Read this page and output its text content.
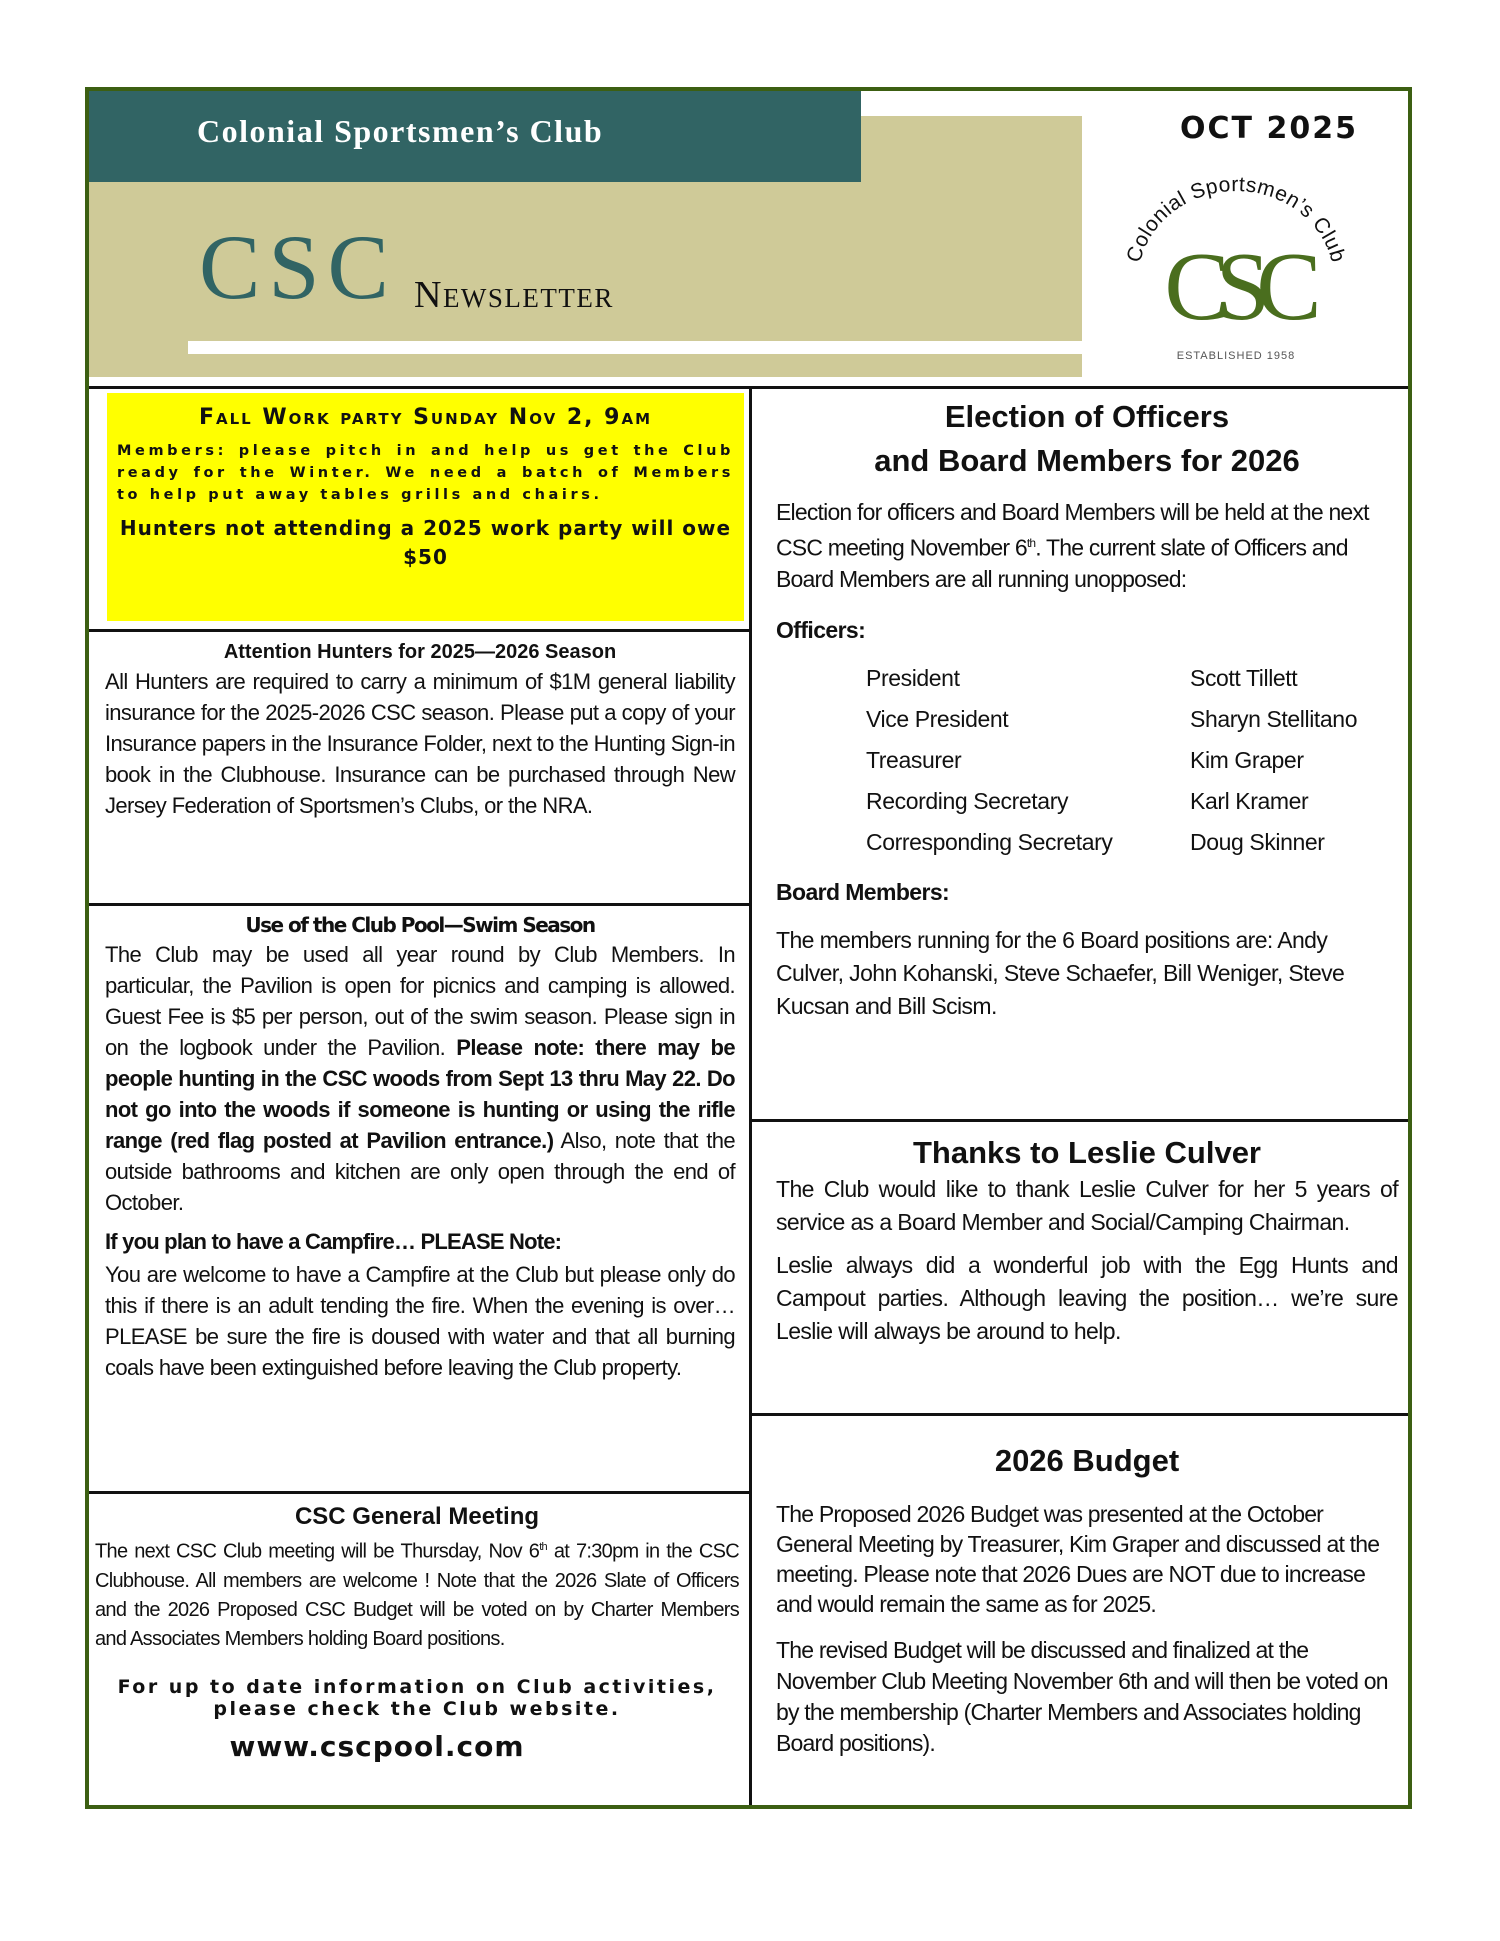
Colonial Sportsmen’s Club
CSC Newsletter
OCT 2025
Colonial Sportsmen’s Club
CSC
ESTABLISHED 1958
Fall Work party Sunday Nov 2, 9am
Members: please pitch in and help us get the Club ready for the Winter. We need a batch of Members to help put away tables grills and chairs.
Hunters not attending a 2025 work party will owe $50
Attention Hunters for 2025—2026 Season

All Hunters are required to carry a minimum of $1M general liability insurance for the 2025-2026 CSC season. Please put a copy of your Insurance papers in the Insurance Folder, next to the Hunting Sign-in book in the Clubhouse. Insurance can be purchased through New Jersey Federation of Sportsmen’s Clubs, or the NRA.

Use of the Club Pool—Swim Season

The Club may be used all year round by Club Members. In particular, the Pavilion is open for picnics and camping is allowed. Guest Fee is $5 per person, out of the swim season. Please sign in on the logbook under the Pavilion. Please note: there may be people hunting in the CSC woods from Sept 13 thru May 22. Do not go into the woods if someone is hunting or using the rifle range (red flag posted at Pavilion entrance.) Also, note that the outside bathrooms and kitchen are only open through the end of October.

If you plan to have a Campfire… PLEASE Note:

You are welcome to have a Campfire at the Club but please only do this if there is an adult tending the fire. When the evening is over… PLEASE be sure the fire is doused with water and that all burning coals have been extinguished before leaving the Club property.

CSC General Meeting

The next CSC Club meeting will be Thursday, Nov 6th at 7:30pm in the CSC Clubhouse. All members are welcome ! Note that the 2026 Slate of Officers and the 2026 Proposed CSC Budget will be voted on by Charter Members and Associates Members holding Board positions.

For up to date information on Club activities, please check the Club website.
www.cscpool.com
Election of Officers
and Board Members for 2026

Election for officers and Board Members will be held at the next CSC meeting November 6th. The current slate of Officers and Board Members are all running unopposed:

Officers:
President	Scott Tillett
Vice President	Sharyn Stellitano
Treasurer	Kim Graper
Recording Secretary	Karl Kramer
Corresponding Secretary	Doug Skinner
Board Members:

The members running for the 6 Board positions are: Andy Culver, John Kohanski, Steve Schaefer, Bill Weniger, Steve Kucsan and Bill Scism.

Thanks to Leslie Culver

The Club would like to thank Leslie Culver for her 5 years of service as a Board Member and Social/Camping Chairman.

Leslie always did a wonderful job with the Egg Hunts and Campout parties. Although leaving the position… we’re sure Leslie will always be around to help.

2026 Budget

The Proposed 2026 Budget was presented at the October General Meeting by Treasurer, Kim Graper and discussed at the meeting. Please note that 2026 Dues are NOT due to increase and would remain the same as for 2025.

The revised Budget will be discussed and finalized at the November Club Meeting November 6th and will then be voted on by the membership (Charter Members and Associates holding Board positions).
